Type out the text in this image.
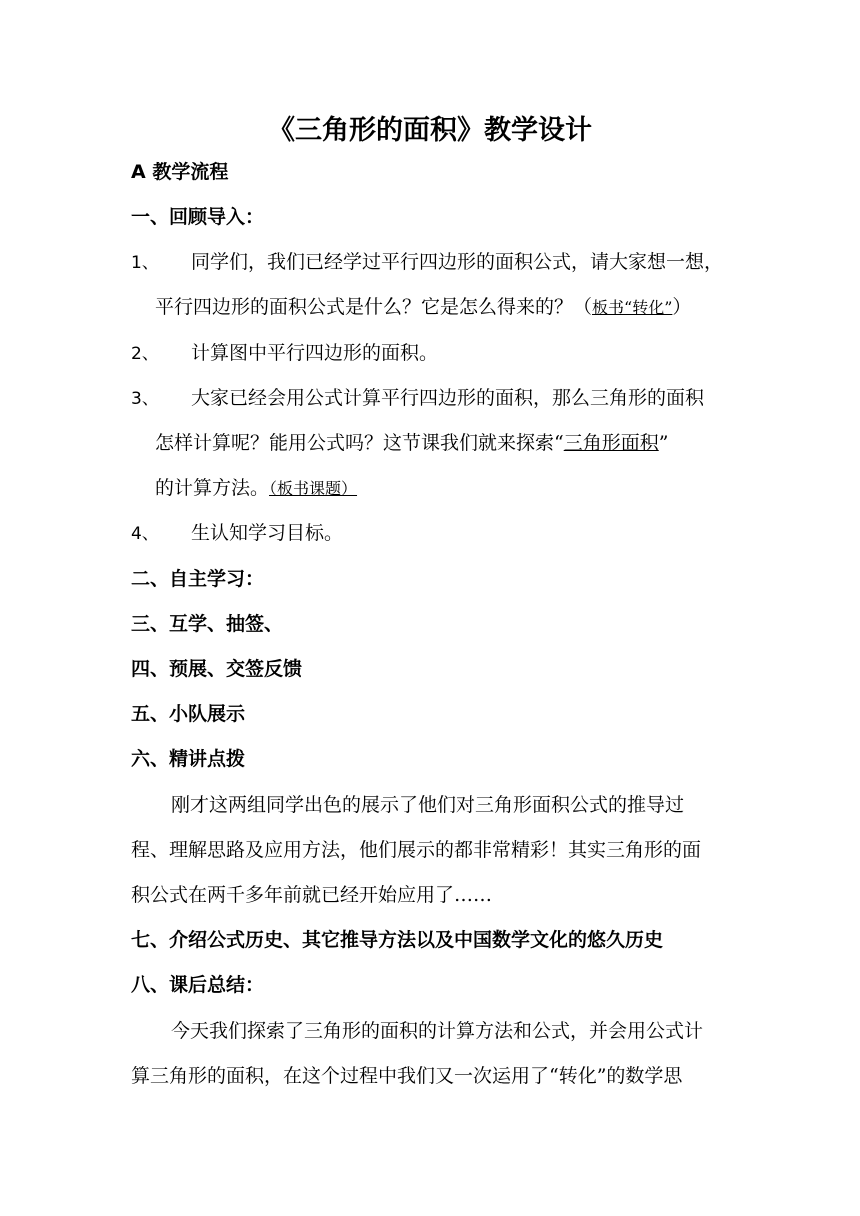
《三角形的面积》教学设计
A 教学流程
一、回顾导入：
1、 同学们，我们已经学过平行四边形的面积公式，请大家想一想，
平行四边形的面积公式是什么？它是怎么得来的？（板书“转化”）
2、 计算图中平行四边形的面积。
3、 大家已经会用公式计算平行四边形的面积，那么三角形的面积
怎样计算呢？能用公式吗？这节课我们就来探索“三角形面积”
的计算方法。（板书课题）
4、 生认知学习目标。
二、自主学习：
三、互学、抽签、
四、预展、交签反馈
五、小队展示
六、精讲点拨
刚才这两组同学出色的展示了他们对三角形面积公式的推导过
程、理解思路及应用方法，他们展示的都非常精彩！其实三角形的面
积公式在两千多年前就已经开始应用了……
七、介绍公式历史、其它推导方法以及中国数学文化的悠久历史
八、课后总结：
今天我们探索了三角形的面积的计算方法和公式，并会用公式计
算三角形的面积，在这个过程中我们又一次运用了“转化”的数学思
